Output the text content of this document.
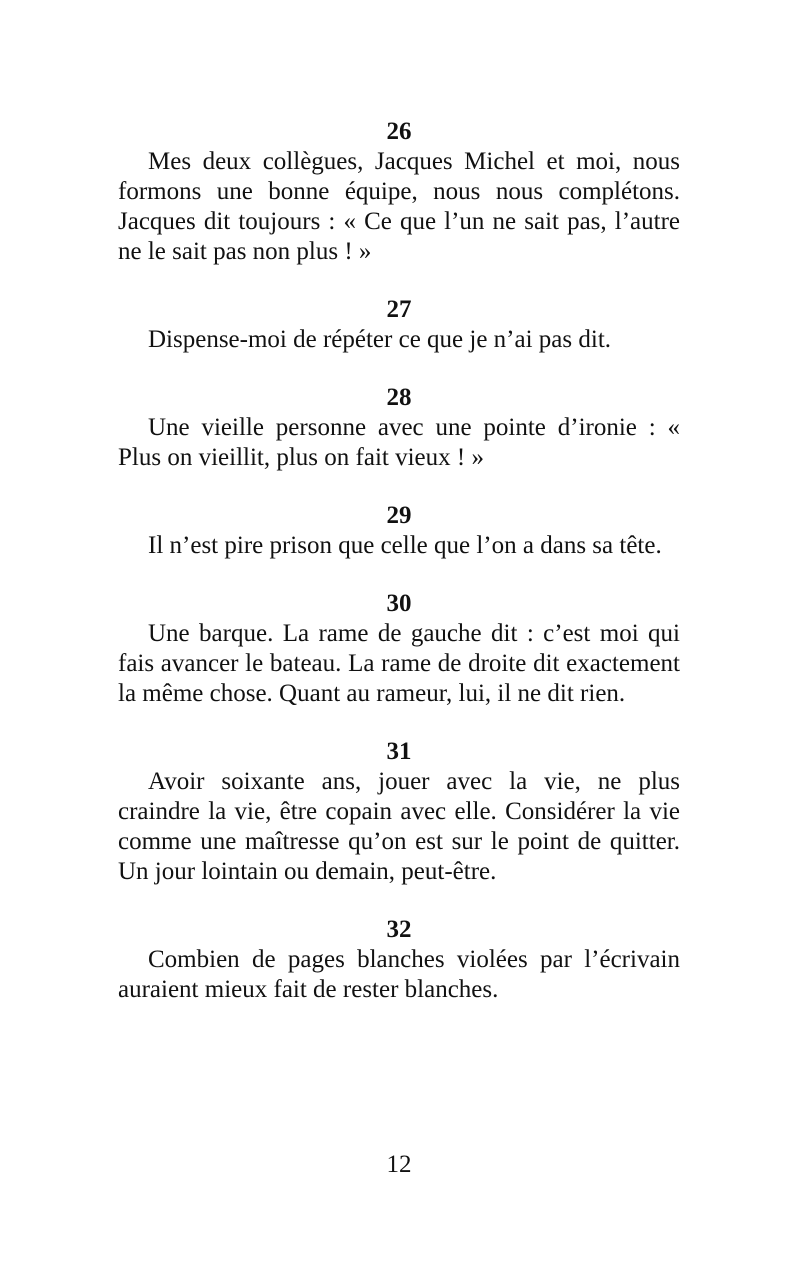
26

Mes deux collègues, Jacques Michel et moi, nous formons une bonne équipe, nous nous complétons. Jacques dit toujours : « Ce que l’un ne sait pas, l’autre ne le sait pas non plus ! »

27

Dispense-moi de répéter ce que je n’ai pas dit.

28

Une vieille personne avec une pointe d’ironie : « Plus on vieillit, plus on fait vieux ! »

29

Il n’est pire prison que celle que l’on a dans sa tête.

30

Une barque. La rame de gauche dit : c’est moi qui fais avancer le bateau. La rame de droite dit exactement la même chose. Quant au rameur, lui, il ne dit rien.

31

Avoir soixante ans, jouer avec la vie, ne plus craindre la vie, être copain avec elle. Considérer la vie comme une maîtresse qu’on est sur le point de quitter. Un jour lointain ou demain, peut-être.

32

Combien de pages blanches violées par l’écrivain auraient mieux fait de rester blanches.

12
